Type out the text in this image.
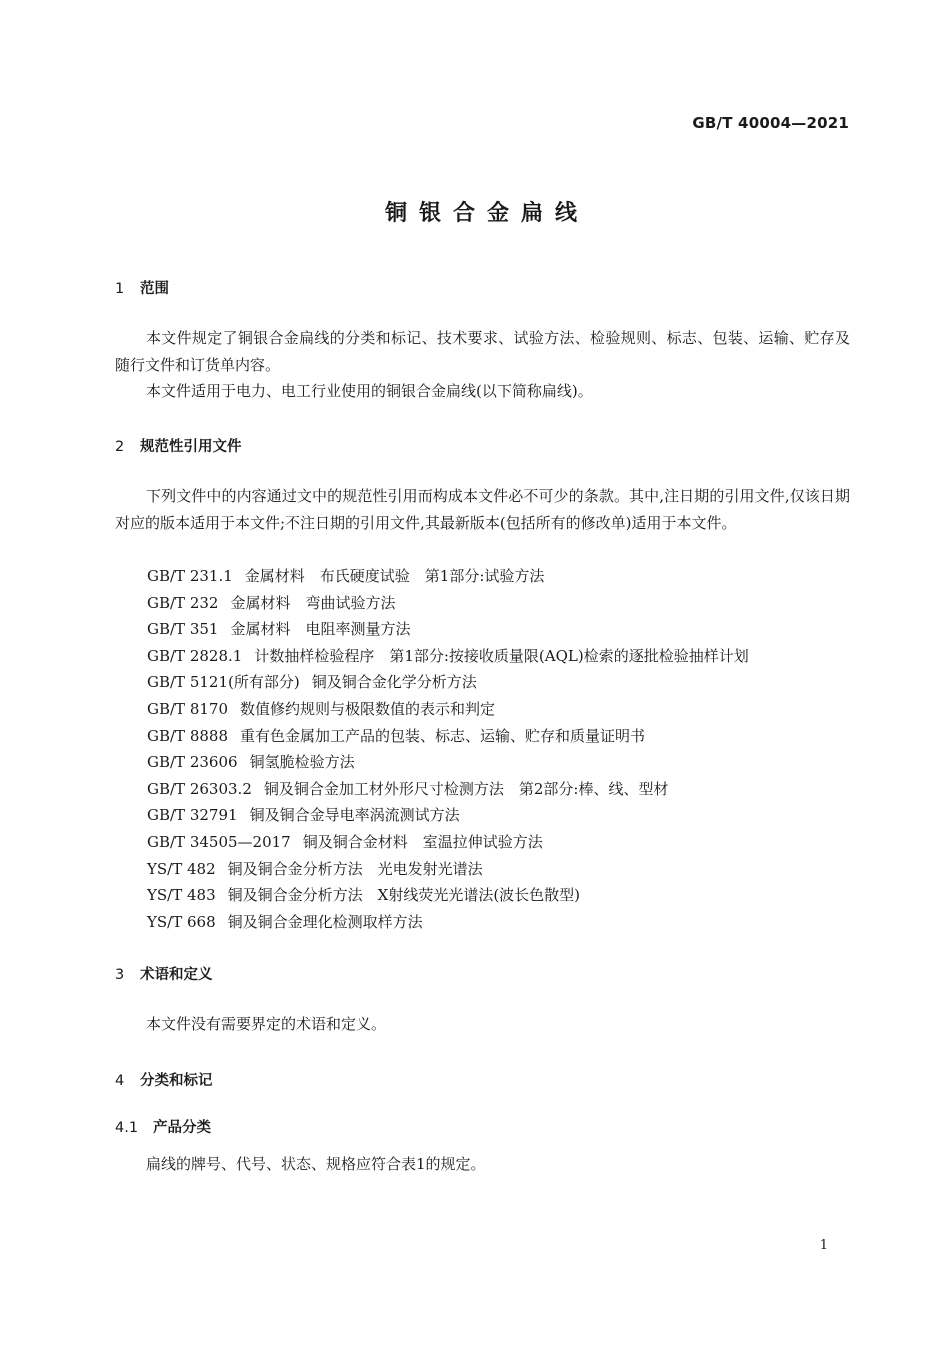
GB/T 40004—2021
铜银合金扁线
1 范围

本文件规定了铜银合金扁线的分类和标记、技术要求、试验方法、检验规则、标志、包装、运输、贮存及随行文件和订货单内容。

本文件适用于电力、电工行业使用的铜银合金扁线(以下简称扁线)。

2 规范性引用文件

下列文件中的内容通过文中的规范性引用而构成本文件必不可少的条款。其中,注日期的引用文件,仅该日期对应的版本适用于本文件;不注日期的引用文件,其最新版本(包括所有的修改单)适用于本文件。

GB/T 231.1 金属材料　布氏硬度试验　第1部分:试验方法
GB/T 232 金属材料　弯曲试验方法
GB/T 351 金属材料　电阻率测量方法
GB/T 2828.1 计数抽样检验程序　第1部分:按接收质量限(AQL)检索的逐批检验抽样计划
GB/T 5121(所有部分) 铜及铜合金化学分析方法
GB/T 8170 数值修约规则与极限数值的表示和判定
GB/T 8888 重有色金属加工产品的包装、标志、运输、贮存和质量证明书
GB/T 23606 铜氢脆检验方法
GB/T 26303.2 铜及铜合金加工材外形尺寸检测方法　第2部分:棒、线、型材
GB/T 32791 铜及铜合金导电率涡流测试方法
GB/T 34505—2017 铜及铜合金材料　室温拉伸试验方法
YS/T 482 铜及铜合金分析方法　光电发射光谱法
YS/T 483 铜及铜合金分析方法　X射线荧光光谱法(波长色散型)
YS/T 668 铜及铜合金理化检测取样方法
3 术语和定义

本文件没有需要界定的术语和定义。

4 分类和标记
4.1 产品分类

扁线的牌号、代号、状态、规格应符合表1的规定。

1
